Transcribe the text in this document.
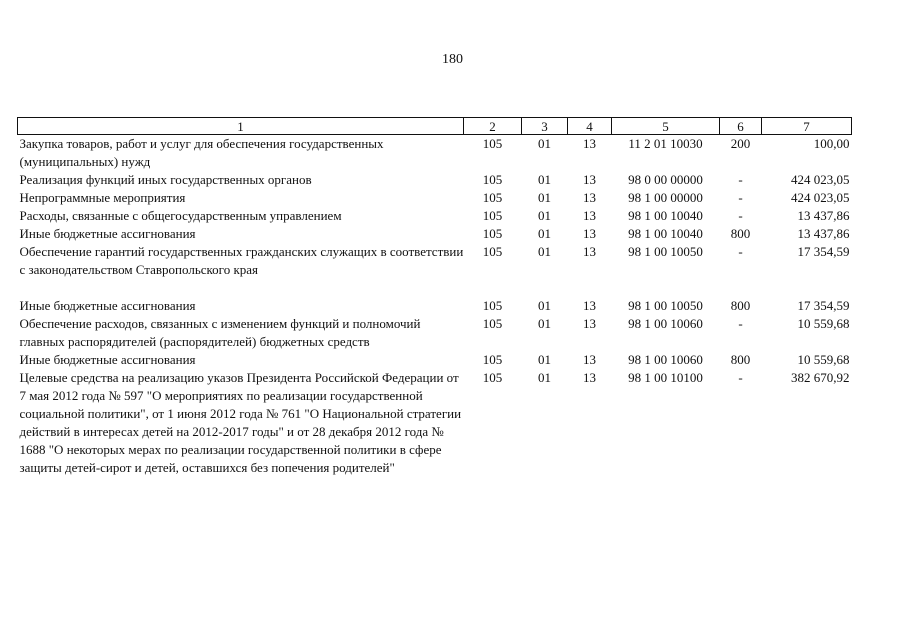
180
1	2	3	4	5	6	7
Закупка товаров, работ и услуг для обеспечения государственных (муниципальных) нужд	105	01	13	11 2 01 10030	200	100,00
Реализация функций иных государственных органов	105	01	13	98 0 00 00000	-	424 023,05
Непрограммные мероприятия	105	01	13	98 1 00 00000	-	424 023,05
Расходы, связанные с общегосударственным управлением	105	01	13	98 1 00 10040	-	13 437,86
Иные бюджетные ассигнования	105	01	13	98 1 00 10040	800	13 437,86
Обеспечение гарантий государственных гражданских служащих в соответствии с законодательством Ставропольского края	105	01	13	98 1 00 10050	-	17 354,59

Иные бюджетные ассигнования	105	01	13	98 1 00 10050	800	17 354,59
Обеспечение расходов, связанных с изменением функций и полномочий главных распорядителей (распорядителей) бюджетных средств	105	01	13	98 1 00 10060	-	10 559,68
Иные бюджетные ассигнования	105	01	13	98 1 00 10060	800	10 559,68
Целевые средства на реализацию указов Президента Российской Федерации от 7 мая 2012 года № 597 "О мероприятиях по реализации государственной социальной политики", от 1 июня 2012 года № 761 "О Национальной стратегии действий в интересах детей на 2012-2017 годы" и от 28 декабря 2012 года № 1688 "О некоторых мерах по реализации государственной политики в сфере защиты детей-сирот и детей, оставшихся без попечения родителей"	105	01	13	98 1 00 10100	-	382 670,92
